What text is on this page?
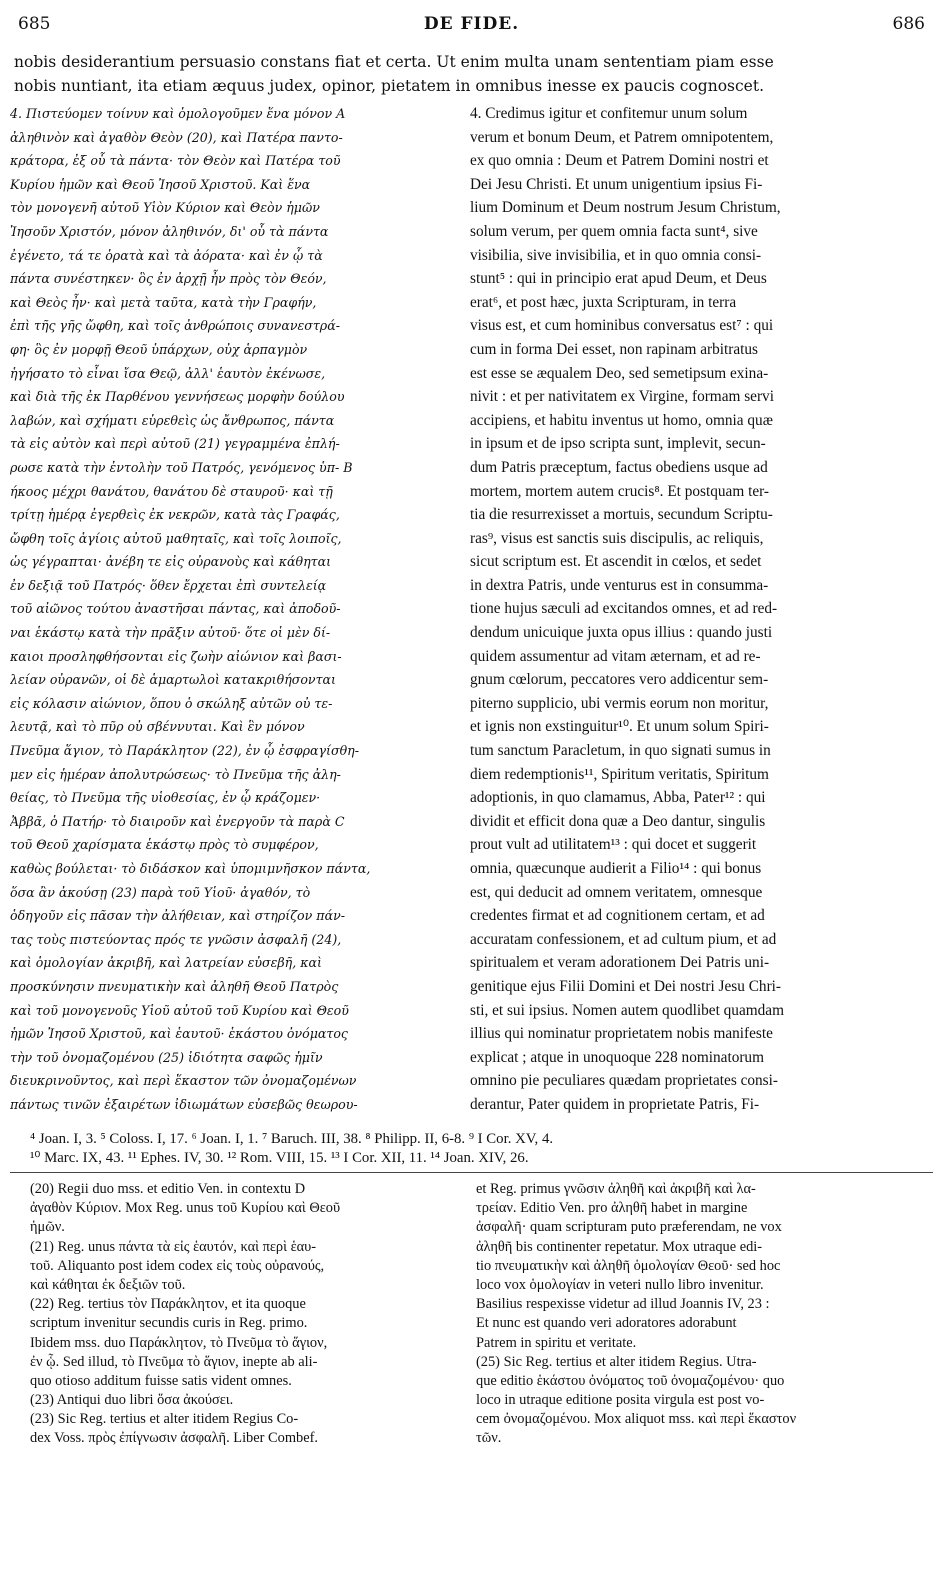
685	DE FIDE.	686
nobis desiderantium persuasio constans fiat et certa. Ut enim multa unam sententiam piam esse
nobis nuntiant, ita etiam æquus judex, opinor, pietatem in omnibus inesse ex paucis cognoscet.
4. Πιστεύομεν τοίνυν καὶ ὁμολογοῦμεν ἕνα μόνον A
ἀληθινὸν καὶ ἀγαθὸν Θεὸν (20), καὶ Πατέρα παντο-
κράτορα, ἐξ οὗ τὰ πάντα· τὸν Θεὸν καὶ Πατέρα τοῦ
Κυρίου ἡμῶν καὶ Θεοῦ Ἰησοῦ Χριστοῦ. Καὶ ἕνα
τὸν μονογενῆ αὐτοῦ Υἱὸν Κύριον καὶ Θεὸν ἡμῶν
Ἰησοῦν Χριστόν, μόνον ἀληθινόν, δι' οὗ τὰ πάντα
ἐγένετο, τά τε ὁρατὰ καὶ τὰ ἀόρατα· καὶ ἐν ᾧ τὰ
πάντα συνέστηκεν· ὃς ἐν ἀρχῇ ἦν πρὸς τὸν Θεόν,
καὶ Θεὸς ἦν· καὶ μετὰ ταῦτα, κατὰ τὴν Γραφήν,
ἐπὶ τῆς γῆς ὤφθη, καὶ τοῖς ἀνθρώποις συνανεστρά-
φη· ὃς ἐν μορφῇ Θεοῦ ὑπάρχων, οὐχ ἁρπαγμὸν
ἡγήσατο τὸ εἶναι ἴσα Θεῷ, ἀλλ' ἑαυτὸν ἐκένωσε,
καὶ διὰ τῆς ἐκ Παρθένου γεννήσεως μορφὴν δούλου
λαβών, καὶ σχήματι εὑρεθεὶς ὡς ἄνθρωπος, πάντα
τὰ εἰς αὐτὸν καὶ περὶ αὐτοῦ (21) γεγραμμένα ἐπλή-
ρωσε κατὰ τὴν ἐντολὴν τοῦ Πατρός, γενόμενος ὑπ- B
ήκοος μέχρι θανάτου, θανάτου δὲ σταυροῦ· καὶ τῇ
τρίτῃ ἡμέρᾳ ἐγερθεὶς ἐκ νεκρῶν, κατὰ τὰς Γραφάς,
ὤφθη τοῖς ἁγίοις αὐτοῦ μαθηταῖς, καὶ τοῖς λοιποῖς,
ὡς γέγραπται· ἀνέβη τε εἰς οὐρανοὺς καὶ κάθηται
ἐν δεξιᾷ τοῦ Πατρός· ὅθεν ἔρχεται ἐπὶ συντελείᾳ
τοῦ αἰῶνος τούτου ἀναστῆσαι πάντας, καὶ ἀποδοῦ-
ναι ἑκάστῳ κατὰ τὴν πρᾶξιν αὐτοῦ· ὅτε οἱ μὲν δί-
καιοι προσληφθήσονται εἰς ζωὴν αἰώνιον καὶ βασι-
λείαν οὐρανῶν, οἱ δὲ ἁμαρτωλοὶ κατακριθήσονται
εἰς κόλασιν αἰώνιον, ὅπου ὁ σκώληξ αὐτῶν οὐ τε-
λευτᾷ, καὶ τὸ πῦρ οὐ σβέννυται. Καὶ ἓν μόνον
Πνεῦμα ἅγιον, τὸ Παράκλητον (22), ἐν ᾧ ἐσφραγίσθη-
μεν εἰς ἡμέραν ἀπολυτρώσεως· τὸ Πνεῦμα τῆς ἀλη-
θείας, τὸ Πνεῦμα τῆς υἱοθεσίας, ἐν ᾧ κράζομεν·
Ἀββᾶ, ὁ Πατήρ· τὸ διαιροῦν καὶ ἐνεργοῦν τὰ παρὰ C
τοῦ Θεοῦ χαρίσματα ἑκάστῳ πρὸς τὸ συμφέρον,
καθὼς βούλεται· τὸ διδάσκον καὶ ὑπομιμνῆσκον πάντα,
ὅσα ἂν ἀκούσῃ (23) παρὰ τοῦ Υἱοῦ· ἀγαθόν, τὸ
ὁδηγοῦν εἰς πᾶσαν τὴν ἀλήθειαν, καὶ στηρίζον πάν-
τας τοὺς πιστεύοντας πρός τε γνῶσιν ἀσφαλῆ (24),
καὶ ὁμολογίαν ἀκριβῆ, καὶ λατρείαν εὐσεβῆ, καὶ
προσκύνησιν πνευματικὴν καὶ ἀληθῆ Θεοῦ Πατρὸς
καὶ τοῦ μονογενοῦς Υἱοῦ αὐτοῦ τοῦ Κυρίου καὶ Θεοῦ
ἡμῶν Ἰησοῦ Χριστοῦ, καὶ ἑαυτοῦ· ἑκάστου ὀνόματος
τὴν τοῦ ὀνομαζομένου (25) ἰδιότητα σαφῶς ἡμῖν
διευκρινοῦντος, καὶ περὶ ἕκαστον τῶν ὀνομαζομένων
πάντως τινῶν ἐξαιρέτων ἰδιωμάτων εὐσεβῶς θεωρου-
4. Credimus igitur et confitemur unum solum
verum et bonum Deum, et Patrem omnipotentem,
ex quo omnia : Deum et Patrem Domini nostri et
Dei Jesu Christi. Et unum unigentium ipsius Fi-
lium Dominum et Deum nostrum Jesum Christum,
solum verum, per quem omnia facta sunt⁴, sive
visibilia, sive invisibilia, et in quo omnia consi-
stunt⁵ : qui in principio erat apud Deum, et Deus
erat⁶, et post hæc, juxta Scripturam, in terra
visus est, et cum hominibus conversatus est⁷ : qui
cum in forma Dei esset, non rapinam arbitratus
est esse se æqualem Deo, sed semetipsum exina-
nivit : et per nativitatem ex Virgine, formam servi
accipiens, et habitu inventus ut homo, omnia quæ
in ipsum et de ipso scripta sunt, implevit, secun-
dum Patris præceptum, factus obediens usque ad
mortem, mortem autem crucis⁸. Et postquam ter-
tia die resurrexisset a mortuis, secundum Scriptu-
ras⁹, visus est sanctis suis discipulis, ac reliquis,
sicut scriptum est. Et ascendit in cœlos, et sedet
in dextra Patris, unde venturus est in consumma-
tione hujus sæculi ad excitandos omnes, et ad red-
dendum unicuique juxta opus illius : quando justi
quidem assumentur ad vitam æternam, et ad re-
gnum cœlorum, peccatores vero addicentur sem-
piterno supplicio, ubi vermis eorum non moritur,
et ignis non exstinguitur¹⁰. Et unum solum Spiri-
tum sanctum Paracletum, in quo signati sumus in
diem redemptionis¹¹, Spiritum veritatis, Spiritum
adoptionis, in quo clamamus, Abba, Pater¹² : qui
dividit et efficit dona quæ a Deo dantur, singulis
prout vult ad utilitatem¹³ : qui docet et suggerit
omnia, quæcunque audierit a Filio¹⁴ : qui bonus
est, qui deducit ad omnem veritatem, omnesque
credentes firmat et ad cognitionem certam, et ad
accuratam confessionem, et ad cultum pium, et ad
spiritualem et veram adorationem Dei Patris uni-
genitique ejus Filii Domini et Dei nostri Jesu Chri-
sti, et sui ipsius. Nomen autem quodlibet quamdam
illius qui nominatur proprietatem nobis manifeste
explicat ; atque in unoquoque 228 nominatorum
omnino pie peculiares quædam proprietates consi-
derantur, Pater quidem in proprietate Patris, Fi-
⁴ Joan. I, 3. ⁵ Coloss. I, 17. ⁶ Joan. I, 1. ⁷ Baruch. III, 38. ⁸ Philipp. II, 6-8. ⁹ I Cor. XV, 4.
¹⁰ Marc. IX, 43. ¹¹ Ephes. IV, 30. ¹² Rom. VIII, 15. ¹³ I Cor. XII, 11. ¹⁴ Joan. XIV, 26.
(20) Regii duo mss. et editio Ven. in contextu D
ἀγαθὸν Κύριον. Mox Reg. unus τοῦ Κυρίου καὶ Θεοῦ
ἡμῶν.
(21) Reg. unus πάντα τὰ εἰς ἑαυτόν, καὶ περὶ ἑαυ-
τοῦ. Aliquanto post idem codex εἰς τοὺς οὐρανούς,
καὶ κάθηται ἐκ δεξιῶν τοῦ.
(22) Reg. tertius τὸν Παράκλητον, et ita quoque
scriptum invenitur secundis curis in Reg. primo.
Ibidem mss. duo Παράκλητον, τὸ Πνεῦμα τὸ ἅγιον,
ἐν ᾧ. Sed illud, τὸ Πνεῦμα τὸ ἅγιον, inepte ab ali-
quo otioso additum fuisse satis vident omnes.
(23) Antiqui duo libri ὅσα ἀκούσει.
(23) Sic Reg. tertius et alter itidem Regius Co-
dex Voss. πρὸς ἐπίγνωσιν ἀσφαλῆ. Liber Combef.
et Reg. primus γνῶσιν ἀληθῆ καὶ ἀκριβῆ καὶ λα-
τρείαν. Editio Ven. pro ἀληθῆ habet in margine
ἀσφαλῆ· quam scripturam puto præferendam, ne vox
ἀληθῆ bis continenter repetatur. Mox utraque edi-
tio πνευματικὴν καὶ ἀληθῆ ὁμολογίαν Θεοῦ· sed hoc
loco vox ὁμολογίαν in veteri nullo libro invenitur.
Basilius respexisse videtur ad illud Joannis IV, 23 :
Et nunc est quando veri adoratores adorabunt
Patrem in spiritu et veritate.
(25) Sic Reg. tertius et alter itidem Regius. Utra-
que editio ἑκάστου ὀνόματος τοῦ ὀνομαζομένου· quo
loco in utraque editione posita virgula est post vo-
cem ὀνομαζομένου. Mox aliquot mss. καὶ περὶ ἕκαστον
τῶν.
